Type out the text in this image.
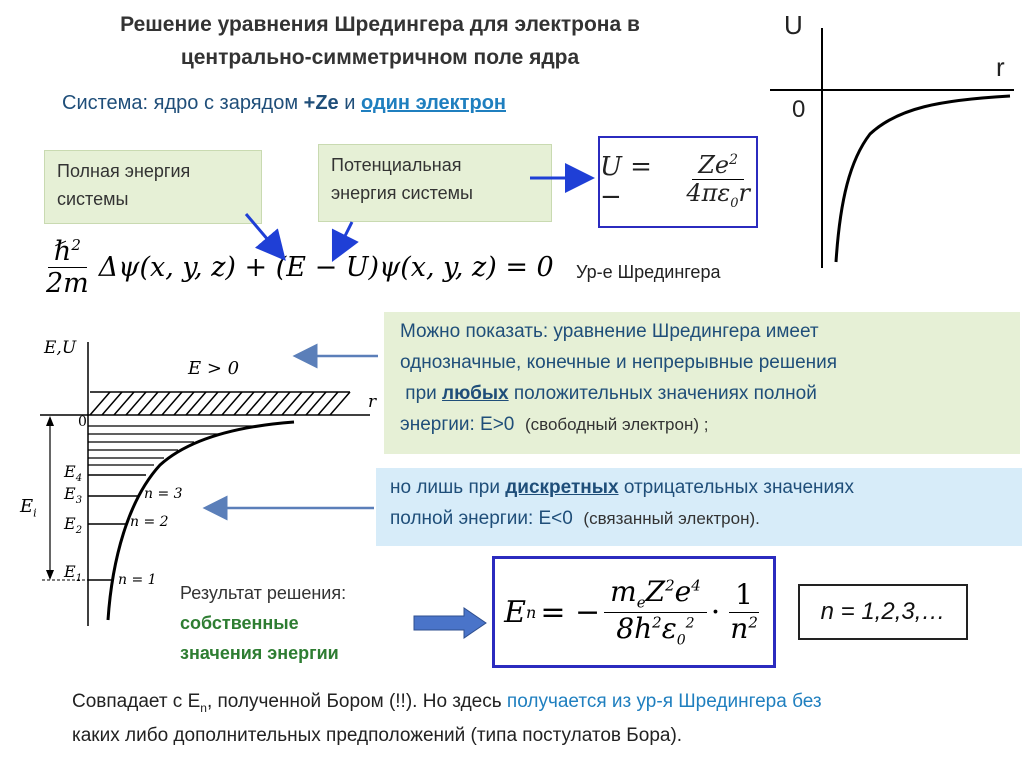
Решение уравнения Шредингера для электрона в
центрально-симметричном поле ядра
Система: ядро с зарядом +Ze и один электрон
Полная энергия
системы
Потенциальная
энергия системы
U = −	$\frac{Ze^2}{4\pi\varepsilon_0r}$
$\frac{\hbar^2}{2m} \Delta\psi(x$, y, z) + (E − U)ψ(x, y, z) = 0 Ур-е Шредингера
U
r
0
E,U
r
0
E > 0
$E_i$
$E_4$
$E_3$
$E_2$
$E_1$
n = 3
n = 2
n = 1
Можно показать: уравнение Шредингера имеет
однозначные, конечные и непрерывные решения
при любых положительных значениях полной
энергии: E>0 (свободный электрон) ;
но лишь при дискретных отрицательных значениях
полной энергии: E<0 (связанный электрон).
Результат решения:
собственные
значения энергии
E n = − $\frac{m_eZ^2e^4}{8h^2\varepsilon_0^2} \cdot \frac{1}{n^2}$	n = 1,2,3,…
Совпадает с $E_n$, полученной Бором (!!). Но здесь получается из ур-я Шредингера без
каких либо дополнительных предположений (типа постулатов Бора).
